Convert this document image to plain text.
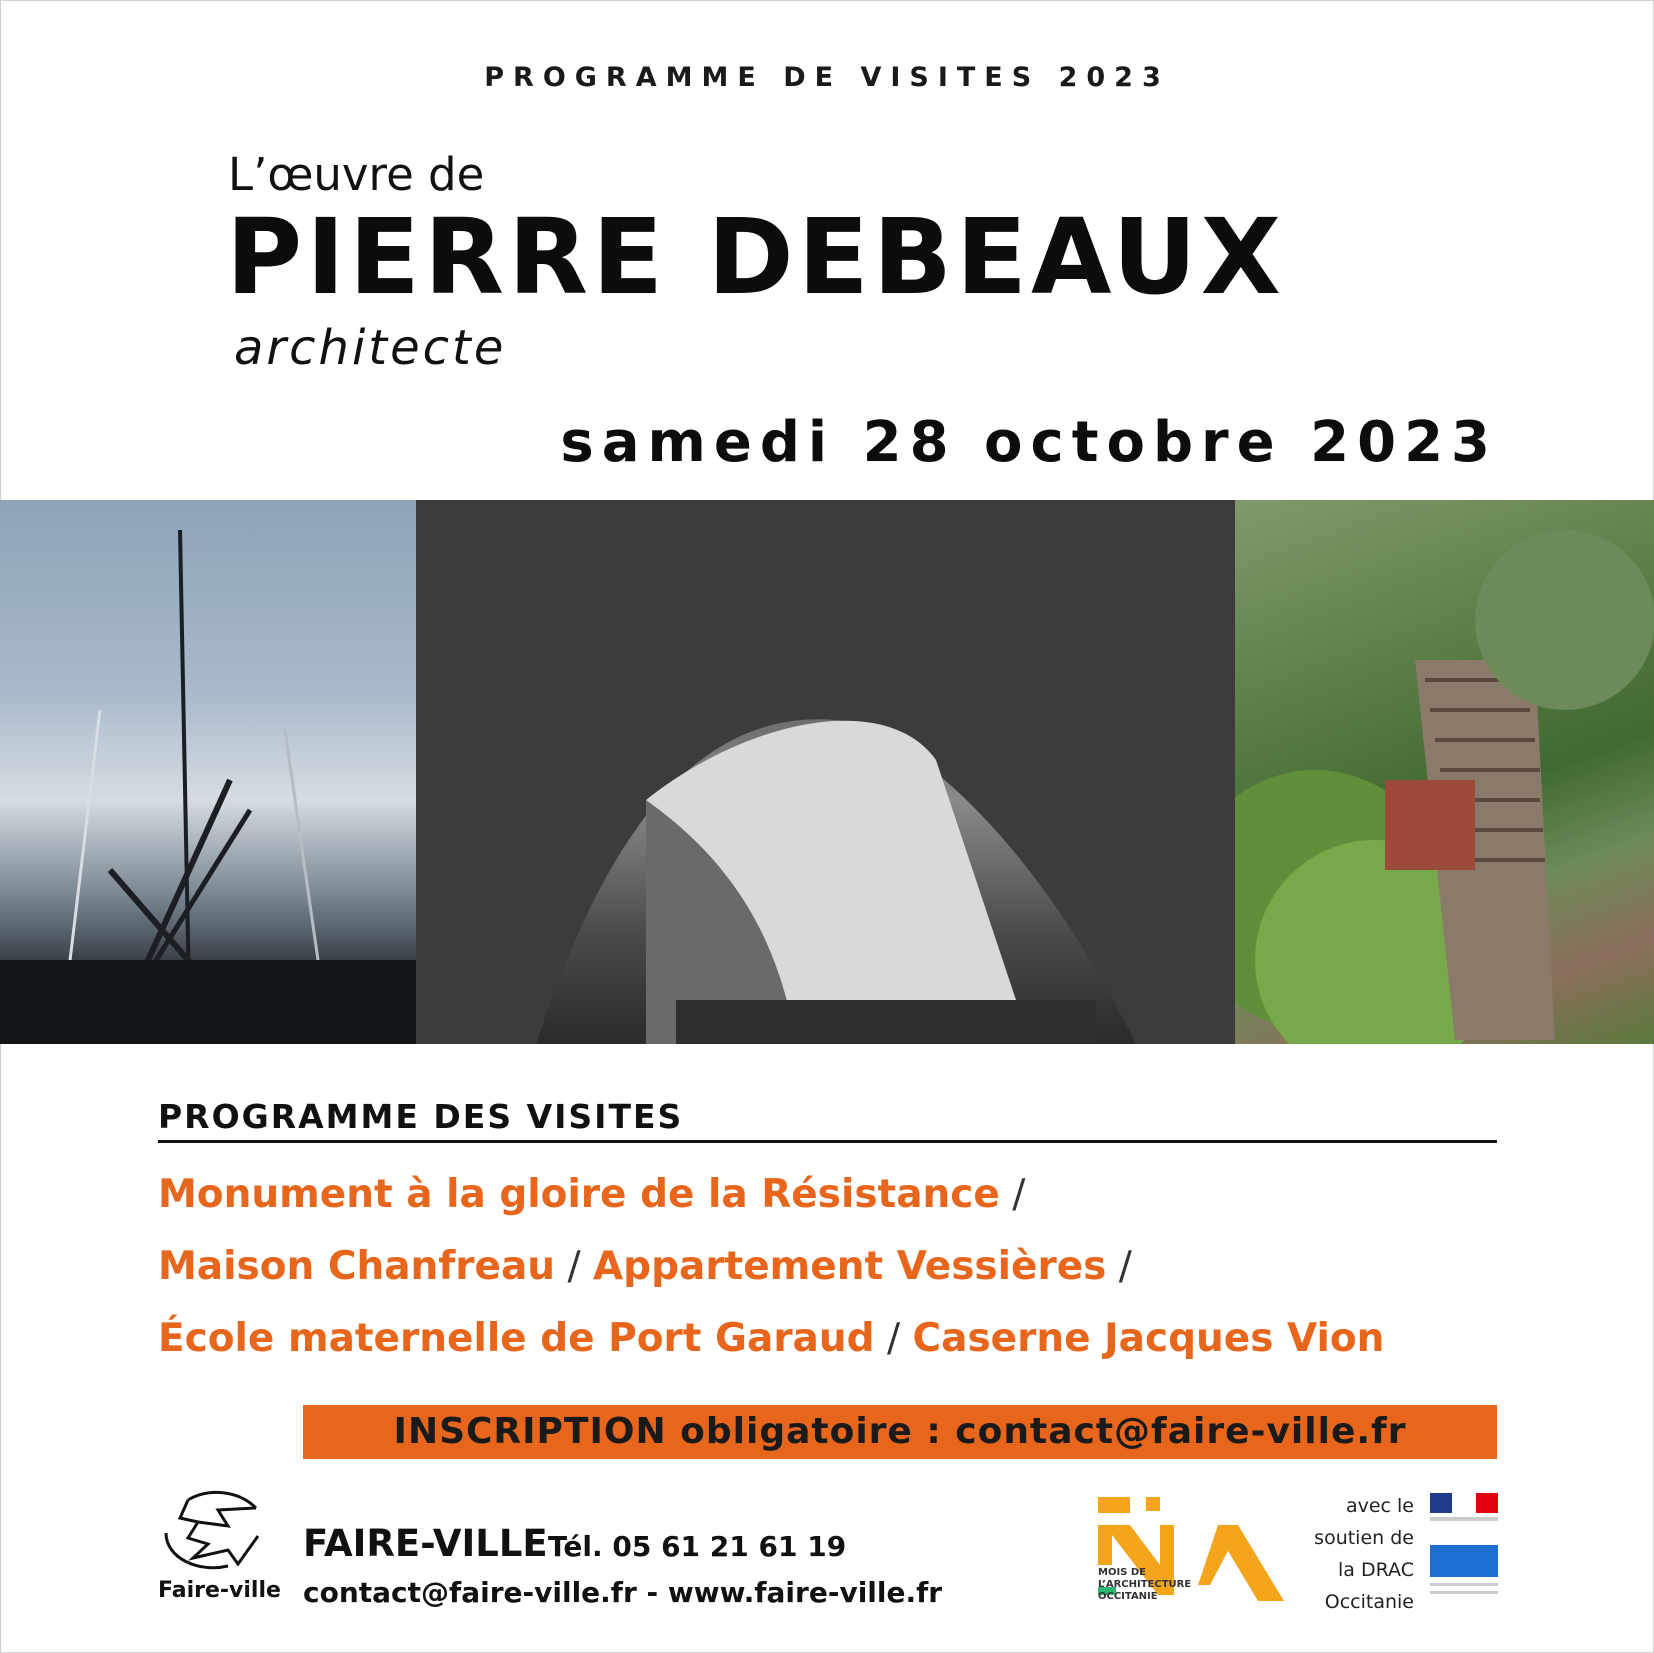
PROGRAMME DE VISITES 2023
L’œuvre de
PIERRE DEBEAUX
architecte
samedi 28 octobre 2023
PROGRAMME DES VISITES
Monument à la gloire de la Résistance /
Maison Chanfreau / Appartement Vessières /
École maternelle de Port Garaud / Caserne Jacques Vion
INSCRIPTION obligatoire : contact@faire-ville.fr
Faire-ville
FAIRE-VILLE Tél. 05 61 21 61 19
contact@faire-ville.fr - www.faire-ville.fr
MOIS DE L’ARCHITECTURE OCCITANIE
avec le
soutien de
la DRAC
Occitanie
